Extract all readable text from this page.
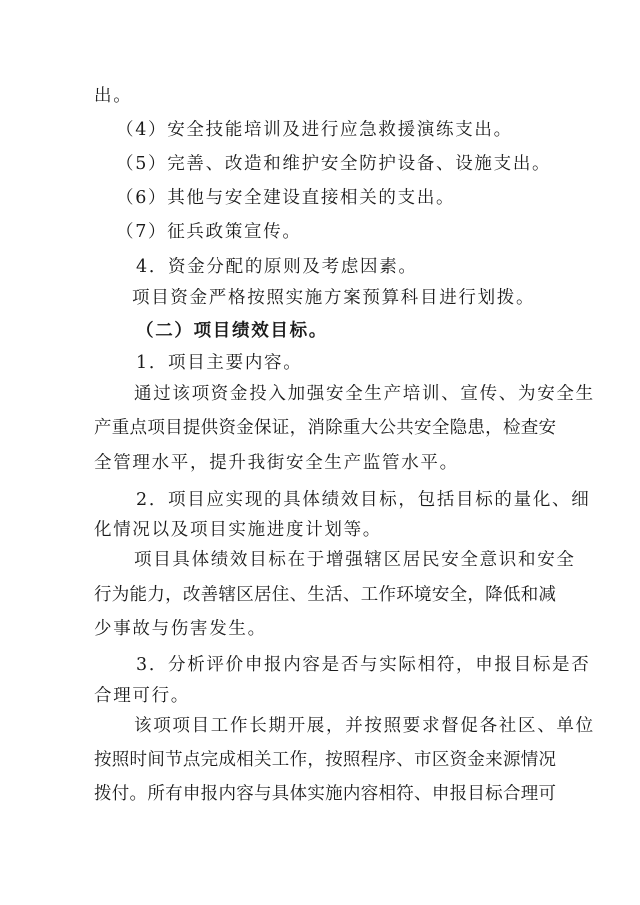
出。
（4）安全技能培训及进行应急救援演练支出。
（5）完善、改造和维护安全防护设备、设施支出。
（6）其他与安全建设直接相关的支出。
（7）征兵政策宣传。
4．资金分配的原则及考虑因素。
项目资金严格按照实施方案预算科目进行划拨。
（二）项目绩效目标。
1．项目主要内容。
通过该项资金投入加强安全生产培训、宣传、为安全生
产重点项目提供资金保证，消除重大公共安全隐患，检查安
全管理水平，提升我街安全生产监管水平。
2．项目应实现的具体绩效目标，包括目标的量化、细
化情况以及项目实施进度计划等。
项目具体绩效目标在于增强辖区居民安全意识和安全
行为能力，改善辖区居住、生活、工作环境安全，降低和减
少事故与伤害发生。
3．分析评价申报内容是否与实际相符，申报目标是否
合理可行。
该项项目工作长期开展，并按照要求督促各社区、单位
按照时间节点完成相关工作，按照程序、市区资金来源情况
拨付。所有申报内容与具体实施内容相符、申报目标合理可
